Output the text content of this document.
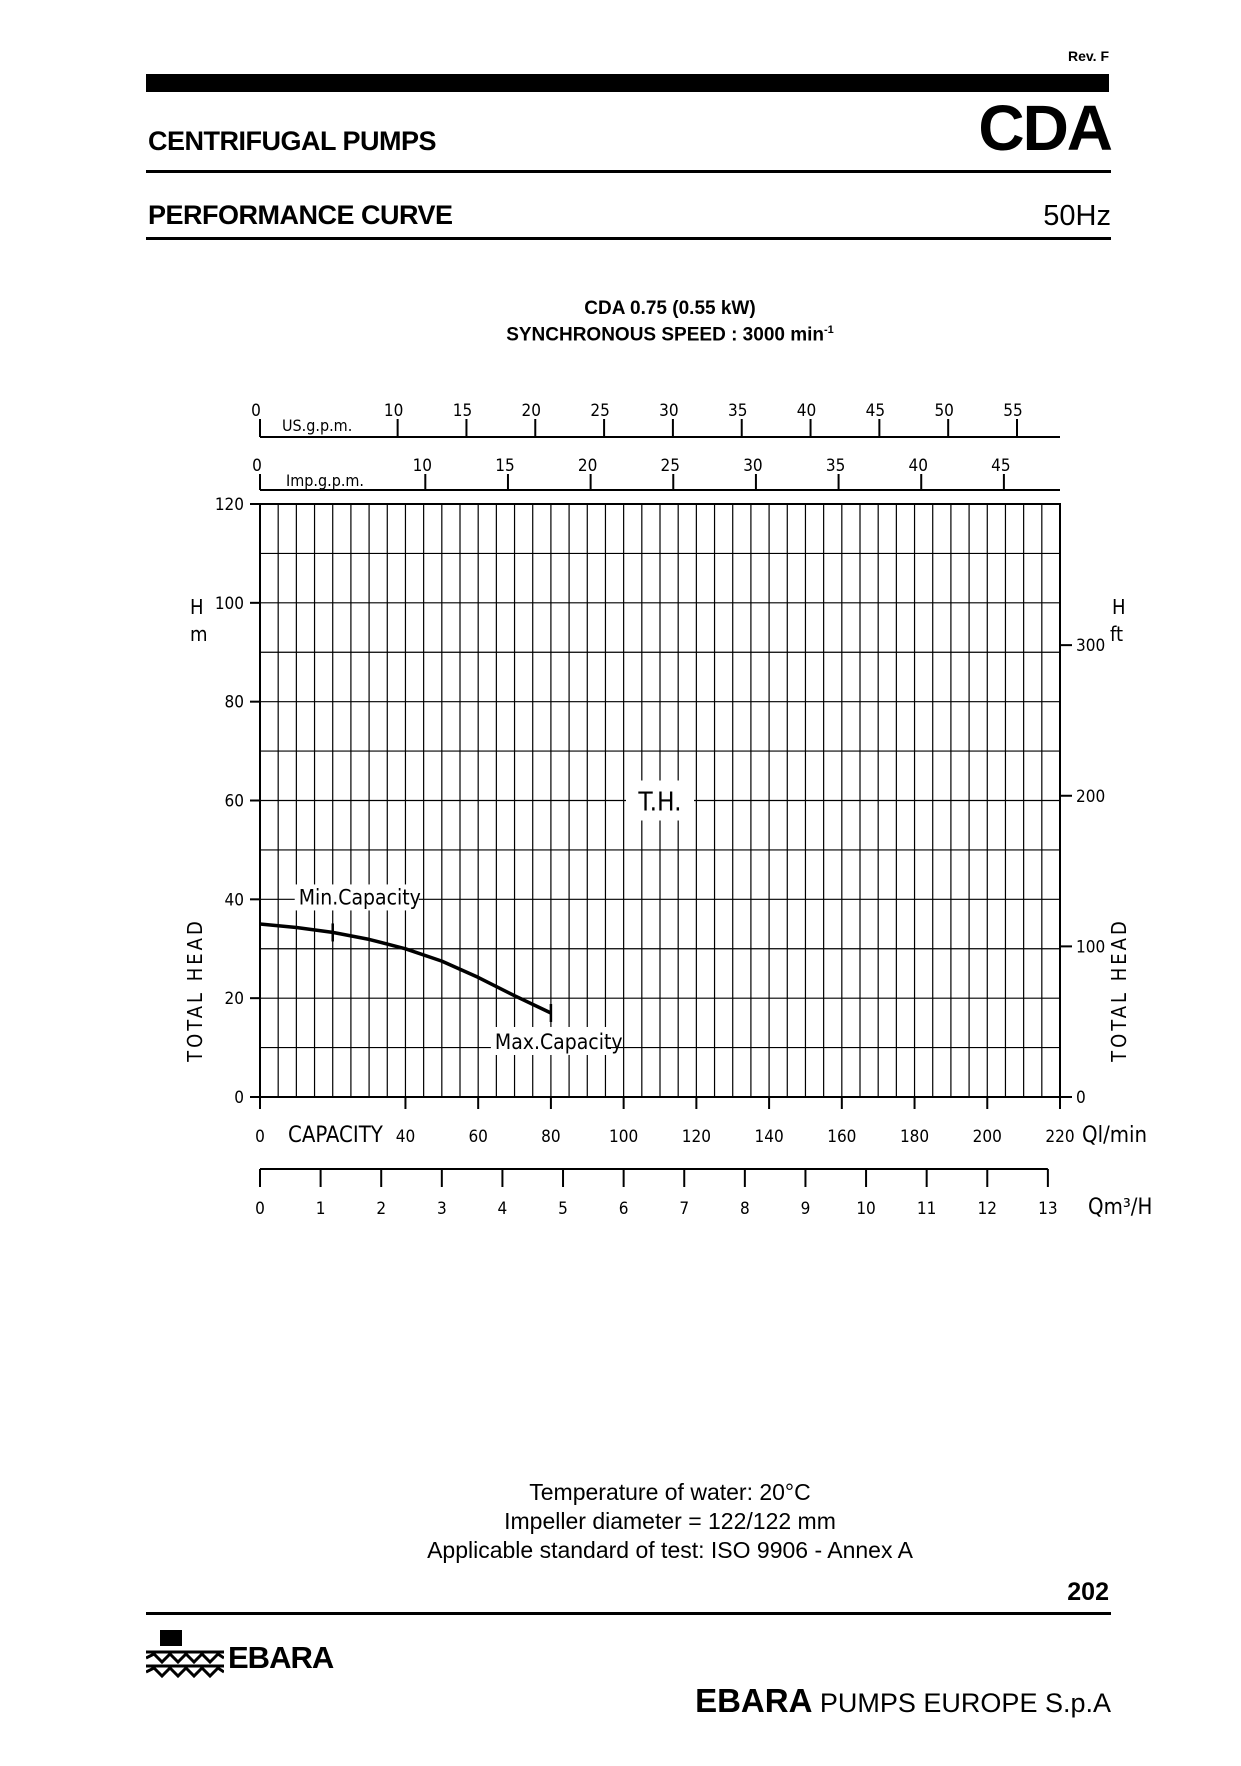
Rev. F
CENTRIFUGAL PUMPS	CDA
PERFORMANCE CURVE	50Hz
CDA 0.75 (0.55 kW)
SYNCHRONOUS SPEED : 3000 $\min^{-1}$
0
20
40
60
80
100
120
0
100
200
300
0	40	60	80	100	120	140	160	180	200	220
CAPACITY	Ql/min
0	1	2	3	4	5	6	7	8	9	10 11 12 13 Qm³/H
0	10	15	20	25	30	35	40	45	50	55
US.g.p.m.
0	10	15	20	25	30	35	40	45
Imp.g.p.m.
H
m
H
ft
TOTAL HEAD	TOTAL HEAD
T.H.
Min.Capacity
Max.Capacity
Temperature of water: 20°C
Impeller diameter = 122/122 mm
Applicable standard of test: ISO 9906 - Annex A
202
EBARA
EBARA PUMPS EUROPE S.p.A
